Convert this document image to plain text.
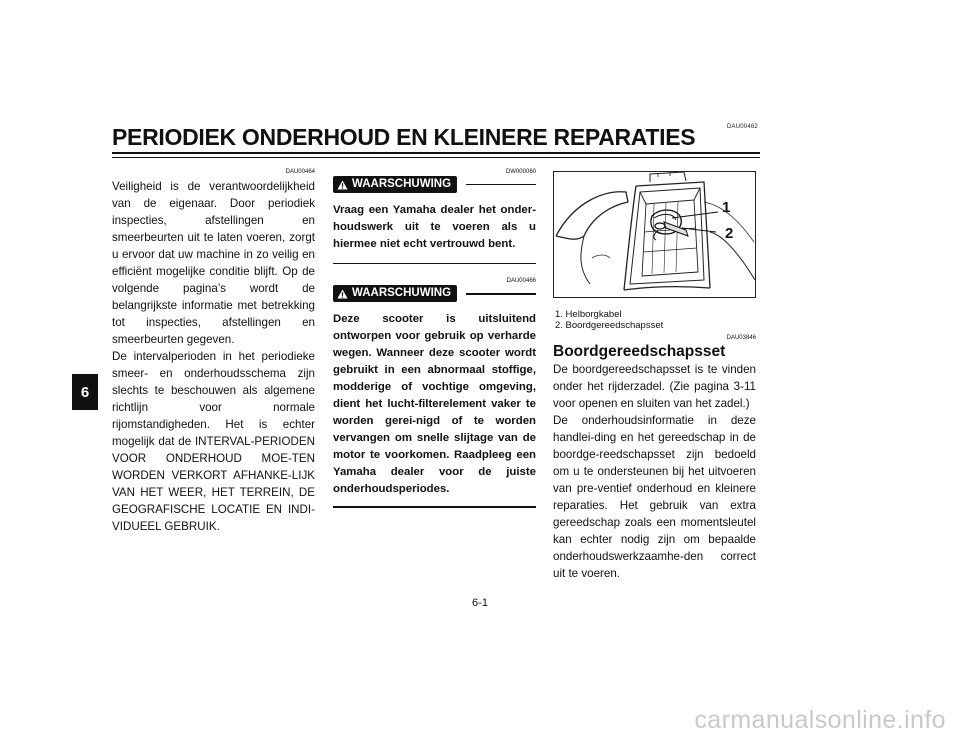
DAU00462
PERIODIEK ONDERHOUD EN KLEINERE REPARATIES
6
DAU00464

Veiligheid is de verantwoordelijkheid van de eigenaar. Door periodiek inspecties, afstellingen en smeerbeurten uit te laten voeren, zorgt u ervoor dat uw machine in zo veilig en efficiënt mogelijke conditie blijft. Op de volgende pagina’s wordt de belangrijkste informatie met betrekking tot inspecties, afstellingen en smeerbeurten gegeven.

De intervalperioden in het periodieke smeer- en onderhoudsschema zijn slechts te beschouwen als algemene richtlijn voor normale rijomstandigheden. Het is echter mogelijk dat de INTERVAL-PERIODEN VOOR ONDERHOUD MOE-TEN WORDEN VERKORT AFHANKE-LIJK VAN HET WEER, HET TERREIN, DE GEOGRAFISCHE LOCATIE EN INDI-VIDUEEL GEBRUIK.

DW000060
WAARSCHUWING

Vraag een Yamaha dealer het onder-houdswerk uit te voeren als u hiermee niet echt vertrouwd bent.

DAU00466
WAARSCHUWING

Deze scooter is uitsluitend ontworpen voor gebruik op verharde wegen. Wanneer deze scooter wordt gebruikt in een abnormaal stoffige, modderige of vochtige omgeving, dient het lucht-filterelement vaker te worden gerei-nigd of te worden vervangen om snelle slijtage van de motor te voorkomen. Raadpleeg een Yamaha dealer voor de juiste onderhoudsperiodes.

1
2
1. Helborgkabel
2. Boordgereedschapsset
DAU03846
Boordgereedschapsset

De boordgereedschapsset is te vinden onder het rijderzadel. (Zie pagina 3-11 voor openen en sluiten van het zadel.)

De onderhoudsinformatie in deze handlei-ding en het gereedschap in de boordge-reedschapsset zijn bedoeld om u te ondersteunen bij het uitvoeren van pre-ventief onderhoud en kleinere reparaties. Het gebruik van extra gereedschap zoals een momentsleutel kan echter nodig zijn om bepaalde onderhoudswerkzaamhe-den correct uit te voeren.

6-1
carmanualsonline.info
